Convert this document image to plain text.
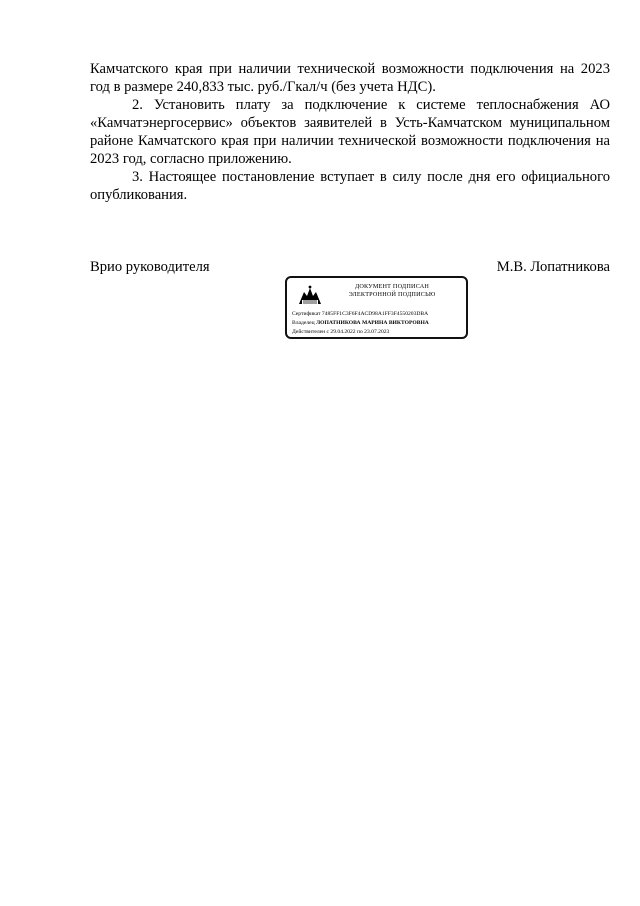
Камчатского края при наличии технической возможности подключения на 2023 год в размере 240,833 тыс. руб./Гкал/ч (без учета НДС).

2. Установить плату за подключение к системе теплоснабжения АО «Камчатэнергосервис» объектов заявителей в Усть-Камчатском муниципальном районе Камчатского края при наличии технической возможности подключения на 2023 год, согласно приложению.

3. Настоящее постановление вступает в силу после дня его официального опубликования.

Врио руководителя	М.В. Лопатникова
ДОКУМЕНТ ПОДПИСАН
ЭЛЕКТРОННОЙ ПОДПИСЬЮ
Сертификат 7485FF1C3F6F4ACD98A1FF3F4550203DBA
Владелец ЛОПАТНИКОВА МАРИНА ВИКТОРОВНА
Действителен с 29.04.2022 по 23.07.2023
